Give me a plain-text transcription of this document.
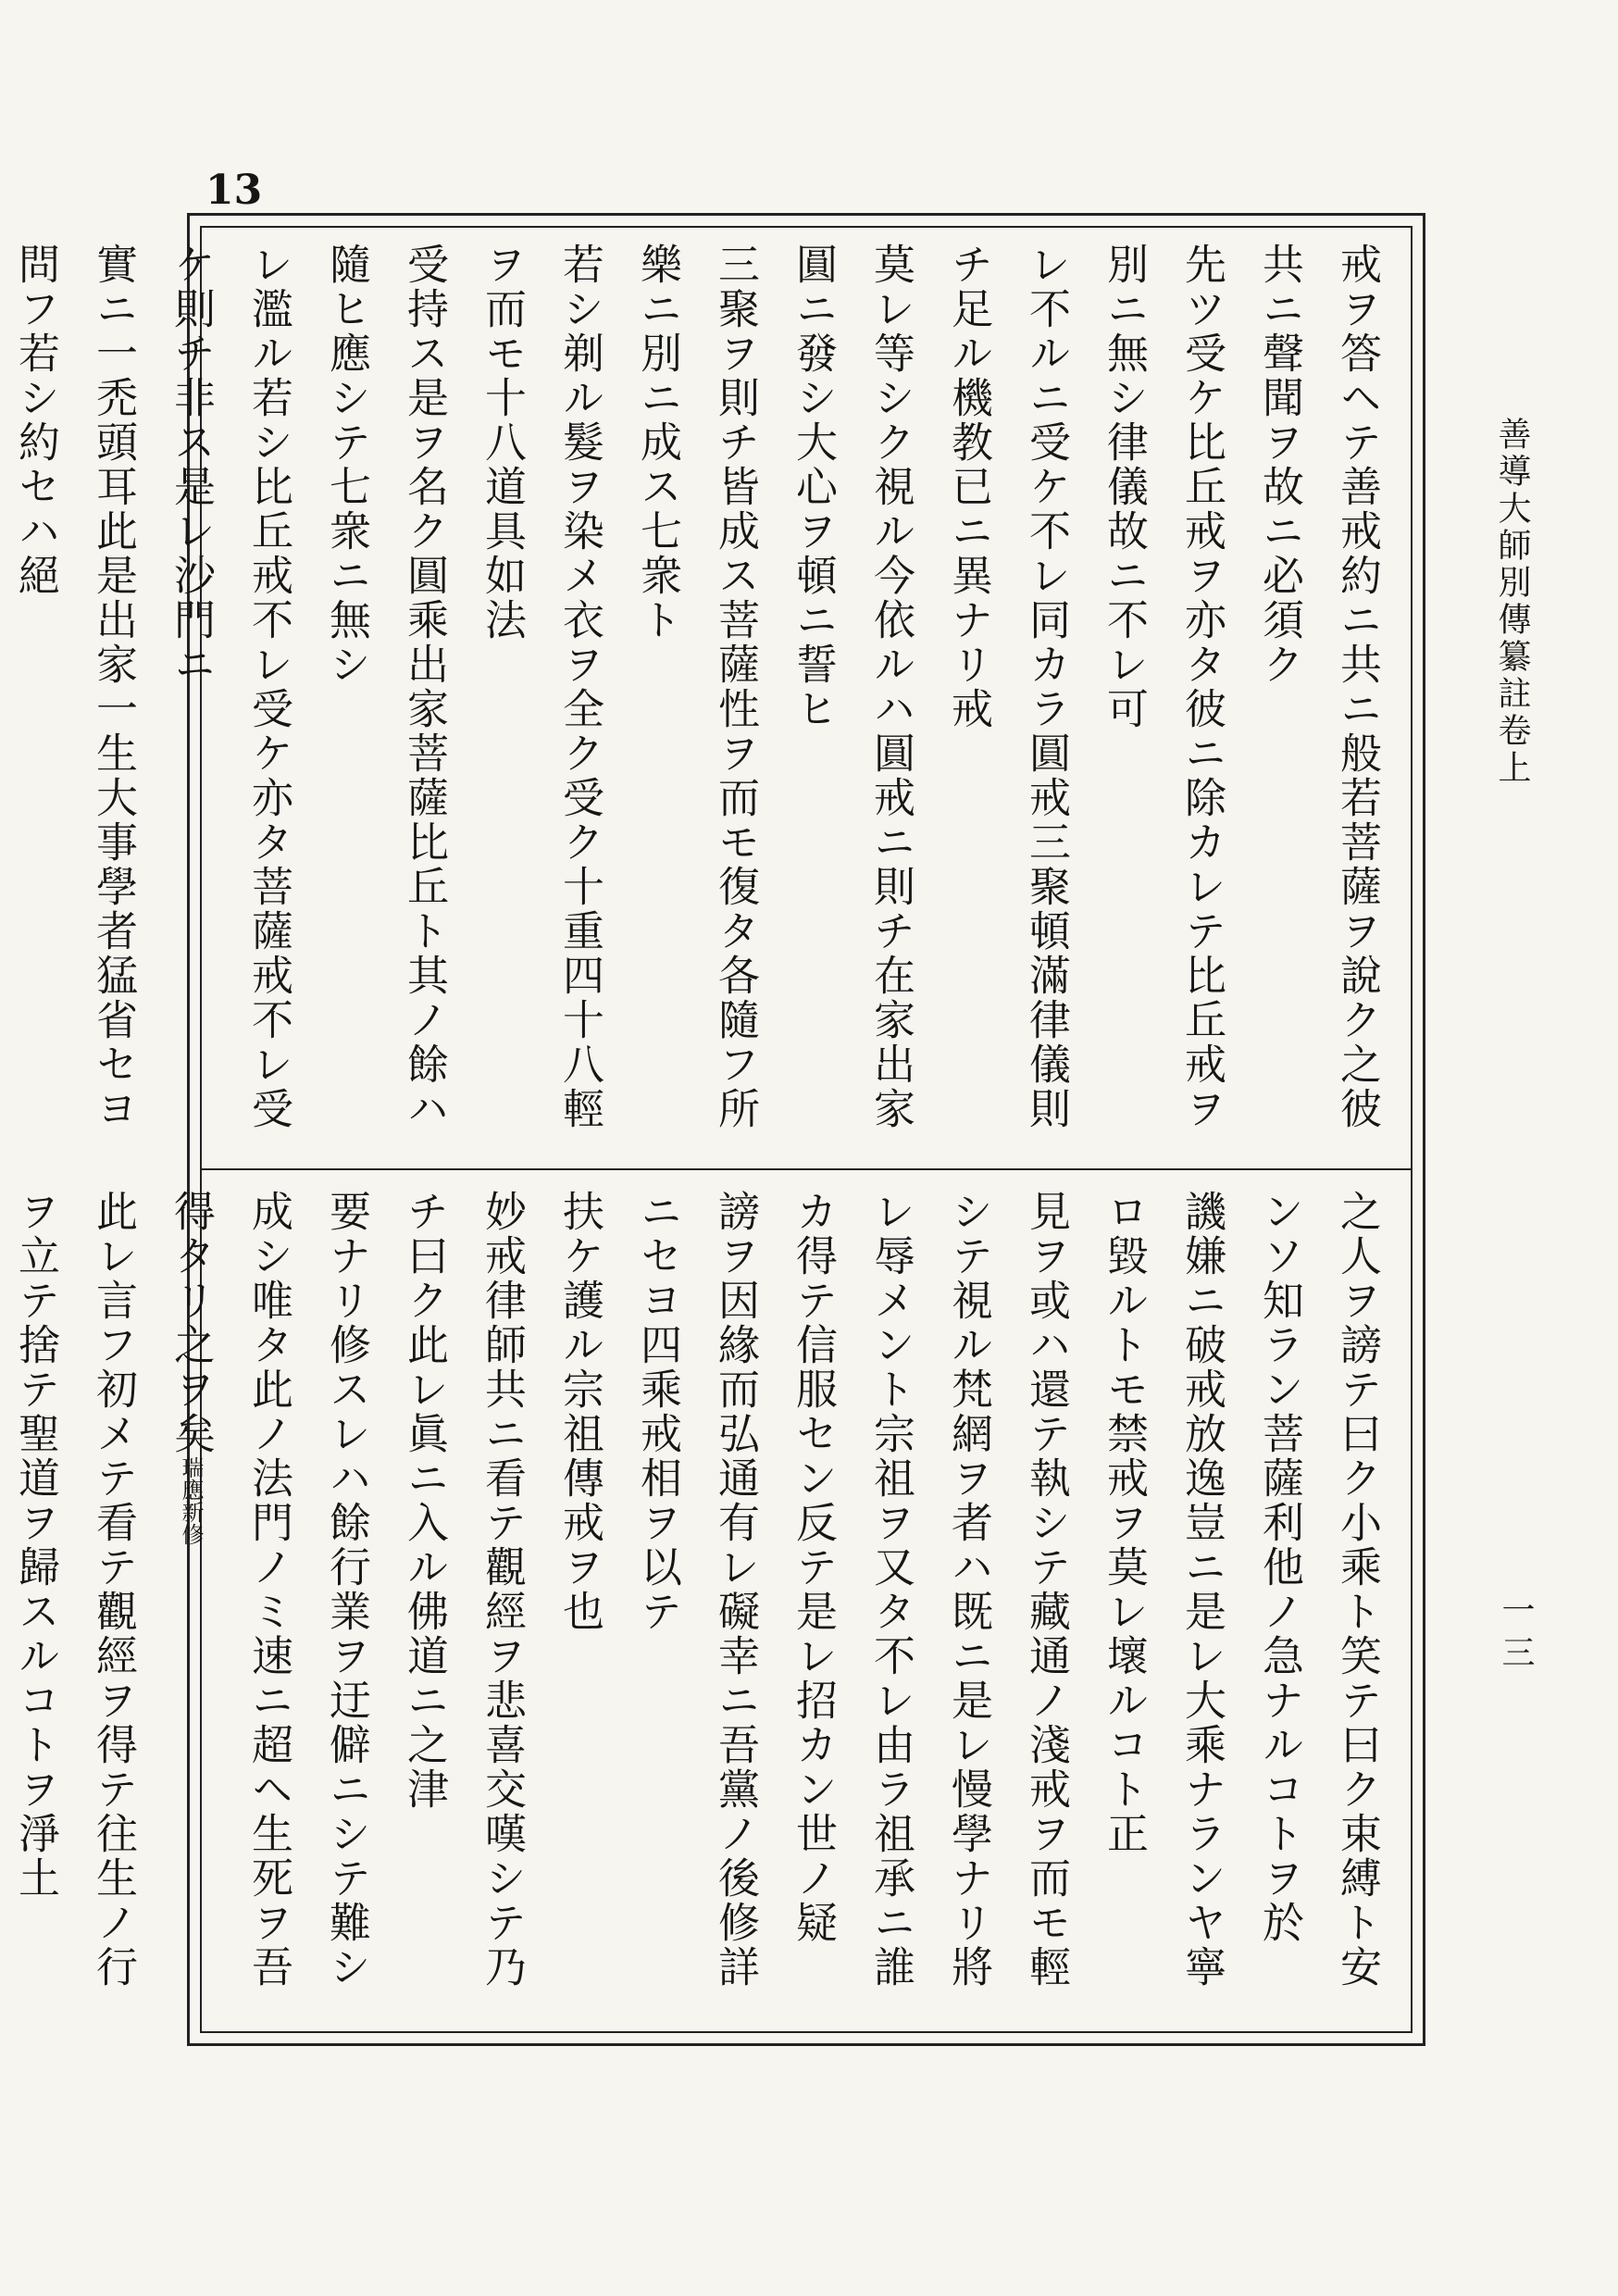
13
善導大師別傳纂註卷上
一三
戒ヲ答ヘテ善戒約ニ共ニ般若菩薩ヲ說ク之彼共ニ聲聞ヲ故ニ必須ク
先ツ受ケ比丘戒ヲ亦タ彼ニ除カレテ比丘戒ヲ別ニ無シ律儀故ニ不レ可
レ不ルニ受ケ不レ同カラ圓戒三聚頓滿律儀則チ足ル機教已ニ異ナリ戒
莫レ等シク視ル今依ルハ圓戒ニ則チ在家出家圓ニ發シ大心ヲ頓ニ誓ヒ
三聚ヲ則チ皆成ス菩薩性ヲ而モ復タ各隨フ所樂ニ別ニ成ス七衆ト
若シ剃ル髮ヲ染メ衣ヲ全ク受ク十重四十八輕ヲ而モ十八道具如法
受持ス是ヲ名ク圓乘出家菩薩比丘ト其ノ餘ハ隨ヒ應シテ七衆ニ無シ
レ濫ル若シ比丘戒不レ受ケ亦タ菩薩戒不レ受ケ則チ非ス是レ沙門ニ
實ニ一禿頭耳此是出家一生大事學者猛省セヨ問フ若シ約セハ絕
之人ヲ謗テ曰ク小乘ト笑テ曰ク束縛ト安ンソ知ラン菩薩利他ノ急ナルコトヲ於
譏嫌ニ破戒放逸豈ニ是レ大乘ナランヤ寧ロ毀ルトモ禁戒ヲ莫レ壞ルコト正
見ヲ或ハ還テ執シテ藏通ノ淺戒ヲ而モ輕シテ視ル梵網ヲ者ハ既ニ是レ慢學ナリ將
レ辱メント宗祖ヲ又タ不レ由ラ祖承ニ誰カ得テ信服セン反テ是レ招カン世ノ疑
謗ヲ因緣而弘通有レ礙幸ニ吾黨ノ後修詳ニセヨ四乘戒相ヲ以テ
扶ケ護ル宗祖傳戒ヲ也
妙戒律師共ニ看テ觀經ヲ悲喜交嘆シテ乃チ曰ク此レ眞ニ入ル佛道ニ之津
要ナリ修スレハ餘行業ヲ迂僻ニシテ難シ成シ唯タ此ノ法門ノミ速ニ超ヘ生死ヲ吾
得タリ之ヲ矣瑞應新修
此レ言フ初メテ看テ觀經ヲ得テ往生ノ行ヲ立テ捨テ聖道ヲ歸スルコトヲ淨土
